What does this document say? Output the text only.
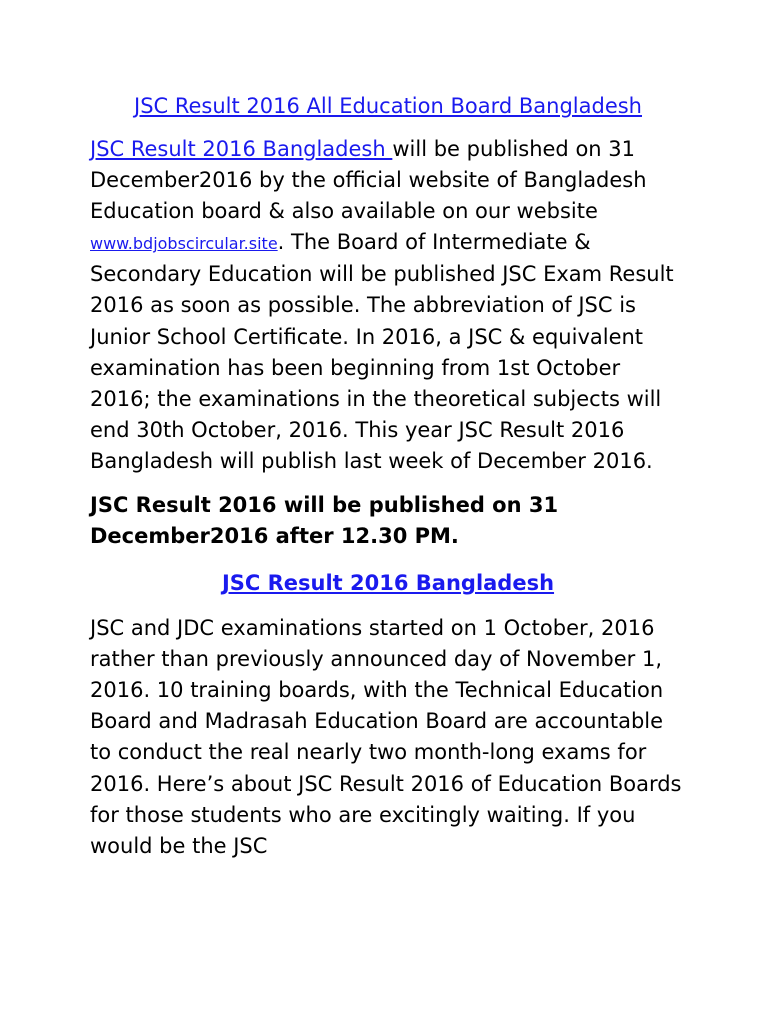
JSC Result 2016 All Education Board Bangladesh

JSC Result 2016 Bangladesh will be published on 31 December2016 by the official website of Bangladesh Education board & also available on our website www.bdjobscircular.site. The Board of Intermediate & Secondary Education will be published JSC Exam Result 2016 as soon as possible. The abbreviation of JSC is Junior School Certificate. In 2016, a JSC & equivalent examination has been beginning from 1st October 2016; the examinations in the theoretical subjects will end 30th October, 2016. This year JSC Result 2016 Bangladesh will publish last week of December 2016.

JSC Result 2016 will be published on 31 December2016 after 12.30 PM.

JSC Result 2016 Bangladesh

JSC and JDC examinations started on 1 October, 2016 rather than previously announced day of November 1, 2016. 10 training boards, with the Technical Education Board and Madrasah Education Board are accountable to conduct the real nearly two month-long exams for 2016. Here’s about JSC Result 2016 of Education Boards for those students who are excitingly waiting. If you would be the JSC
